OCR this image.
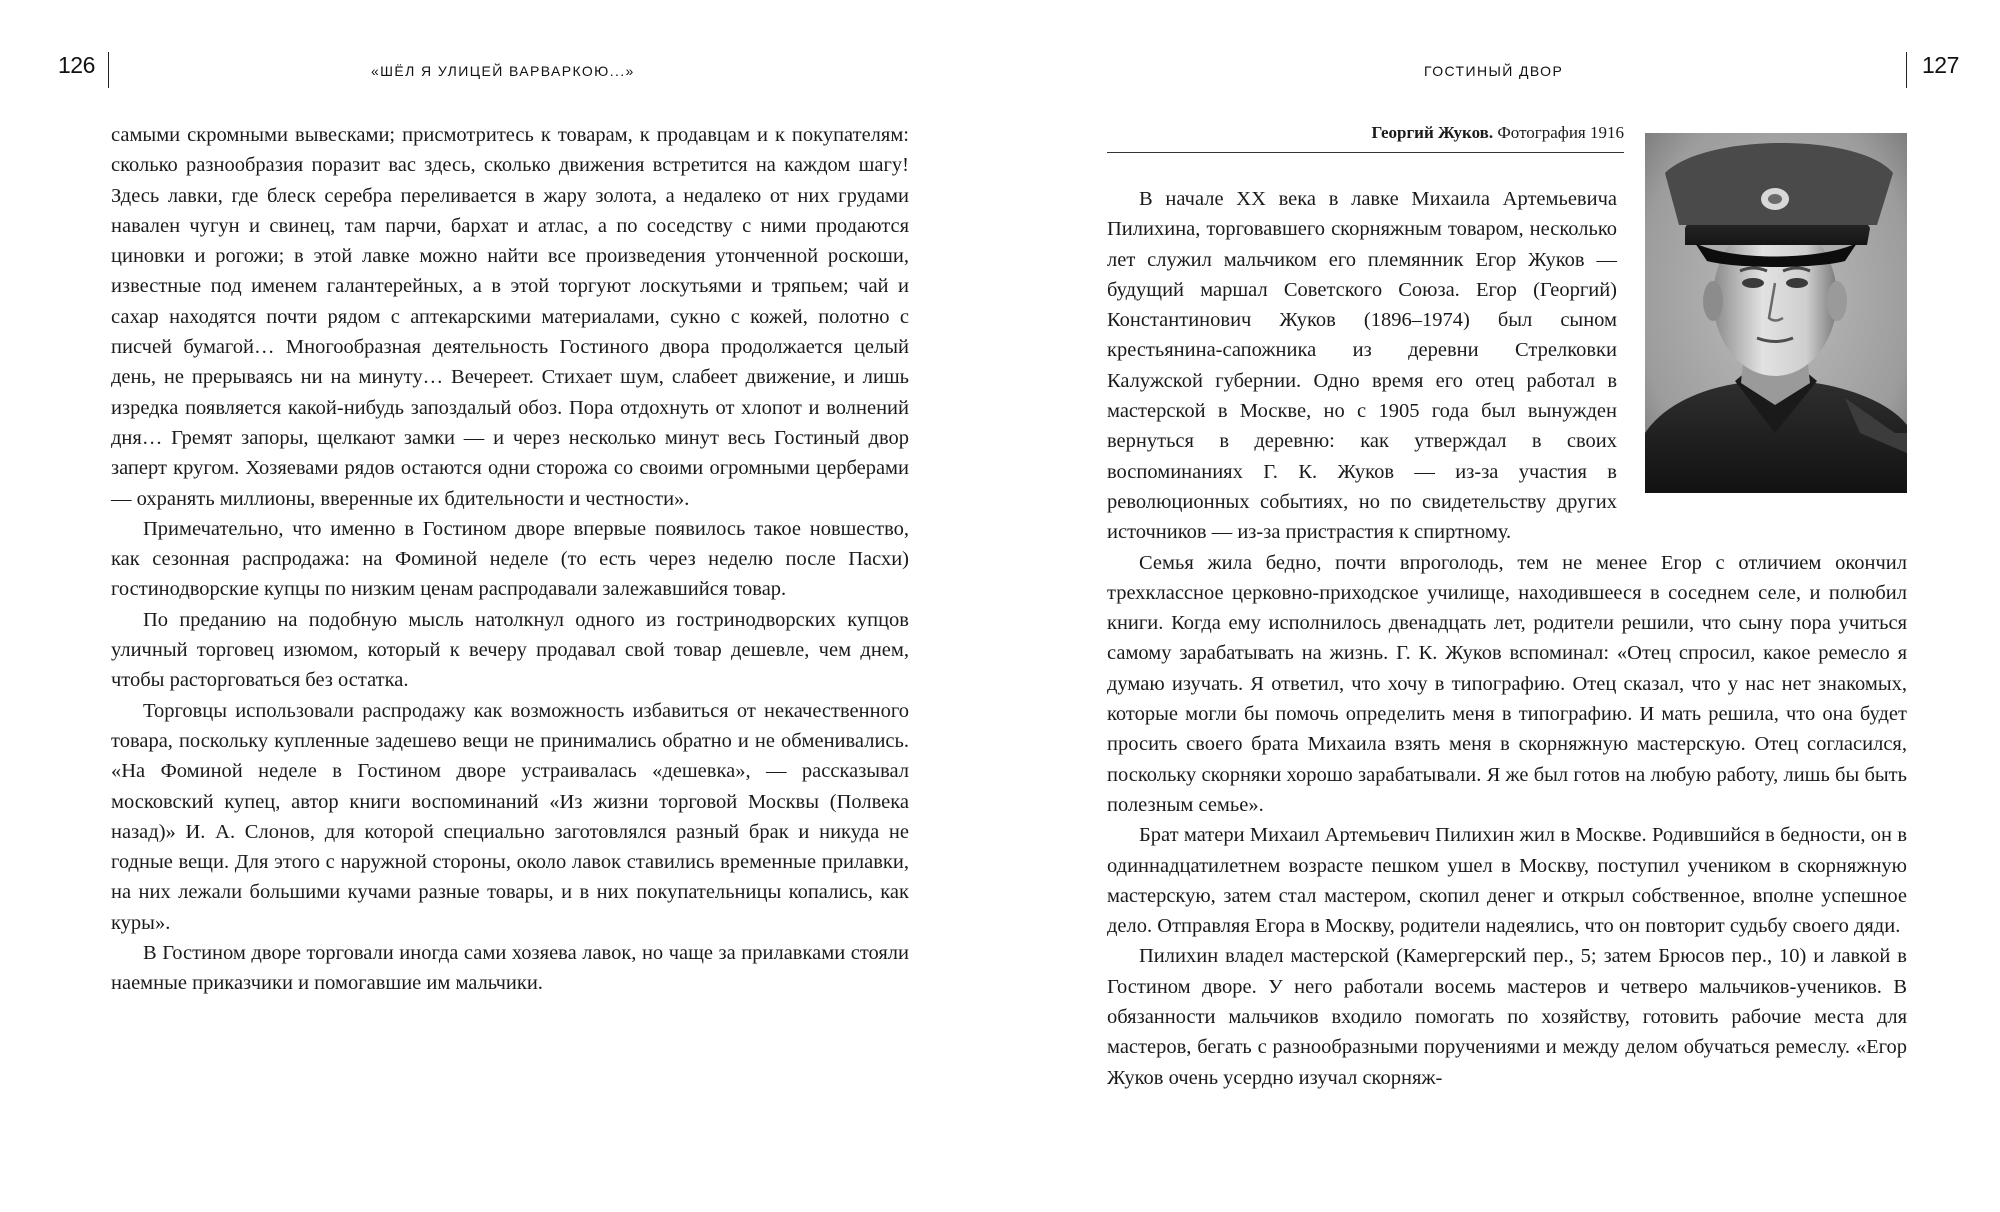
126	«ШЁЛ Я УЛИЦЕЙ ВАРВАРКОЮ...»

самыми скромными вывесками; присмотритесь к товарам, к продавцам и к покупателям: сколько разнообразия поразит вас здесь, сколько движения встретится на каждом шагу! Здесь лавки, где блеск серебра переливается в жару золота, а недалеко от них грудами навален чугун и свинец, там парчи, бархат и атлас, а по соседству с ними продаются циновки и рогожи; в этой лавке можно найти все произведения утонченной роскоши, известные под именем галантерейных, а в этой торгуют лоскутьями и тряпьем; чай и сахар находятся почти рядом с аптекарскими материалами, сукно с кожей, полотно с писчей бумагой… Многообразная деятельность Гостиного двора продолжается целый день, не прерываясь ни на минуту… Вечереет. Стихает шум, слабеет движение, и лишь изредка появляется какой-нибудь запоздалый обоз. Пора отдохнуть от хлопот и волнений дня… Гремят запоры, щелкают замки — и через несколько минут весь Гостиный двор заперт кругом. Хозяевами рядов остаются одни сторожа со своими огромными церберами — охранять миллионы, вверенные их бдительности и честности».

Примечательно, что именно в Гостином дворе впервые появилось такое новшество, как сезонная распродажа: на Фоминой неделе (то есть через неделю после Пасхи) гостинодворские купцы по низким ценам распродавали залежавшийся товар.

По преданию на подобную мысль натолкнул одного из гостринодворских купцов уличный торговец изюмом, который к вечеру продавал свой товар дешевле, чем днем, чтобы расторговаться без остатка.

Торговцы использовали распродажу как возможность избавиться от некачественного товара, поскольку купленные задешево вещи не принимались обратно и не обменивались. «На Фоминой неделе в Гостином дворе устраивалась «дешевка», — рассказывал московский купец, автор книги воспоминаний «Из жизни торговой Москвы (Полвека назад)» И. А. Слонов, для которой специально заготовлялся разный брак и никуда не годные вещи. Для этого с наружной стороны, около лавок ставились временные прилавки, на них лежали большими кучами разные товары, и в них покупательницы копались, как куры».

В Гостином дворе торговали иногда сами хозяева лавок, но чаще за прилавками стояли наемные приказчики и помогавшие им мальчики.

ГОСТИНЫЙ ДВОР	127
Георгий Жуков. Фотография 1916

В начале XX века в лавке Михаила Артемьевича Пилихина, торговавшего скорняжным товаром, несколько лет служил мальчиком его племянник Егор Жуков — будущий маршал Советского Союза. Егор (Георгий) Константинович Жуков (1896–1974) был сыном крестьянина-сапожника из деревни Стрелковки Калужской губернии. Одно время его отец работал в мастерской в Москве, но с 1905 года был вынужден вернуться в деревню: как утверждал в своих воспоминаниях Г. К. Жуков — из-за участия в революционных событиях, но по свидетельству других источников — из-за пристрастия к спиртному.

Семья жила бедно, почти впроголодь, тем не менее Егор с отличием окончил трехклассное церковно-приходское училище, находившееся в соседнем селе, и полюбил книги. Когда ему исполнилось двенадцать лет, родители решили, что сыну пора учиться самому зарабатывать на жизнь. Г. К. Жуков вспоминал: «Отец спросил, какое ремесло я думаю изучать. Я ответил, что хочу в типографию. Отец сказал, что у нас нет знакомых, которые могли бы помочь определить меня в типографию. И мать решила, что она будет просить своего брата Михаила взять меня в скорняжную мастерскую. Отец согласился, поскольку скорняки хорошо зарабатывали. Я же был готов на любую работу, лишь бы быть полезным семье».

Брат матери Михаил Артемьевич Пилихин жил в Москве. Родившийся в бедности, он в одиннадцатилетнем возрасте пешком ушел в Москву, поступил учеником в скорняжную мастерскую, затем стал мастером, скопил денег и открыл собственное, вполне успешное дело. Отправляя Егора в Москву, родители надеялись, что он повторит судьбу своего дяди.

Пилихин владел мастерской (Камергерский пер., 5; затем Брюсов пер., 10) и лавкой в Гостином дворе. У него работали восемь мастеров и четверо мальчиков-учеников. В обязанности мальчиков входило помогать по хозяйству, готовить рабочие места для мастеров, бегать с разнообразными поручениями и между делом обучаться ремеслу. «Егор Жуков очень усердно изучал скорняж-
